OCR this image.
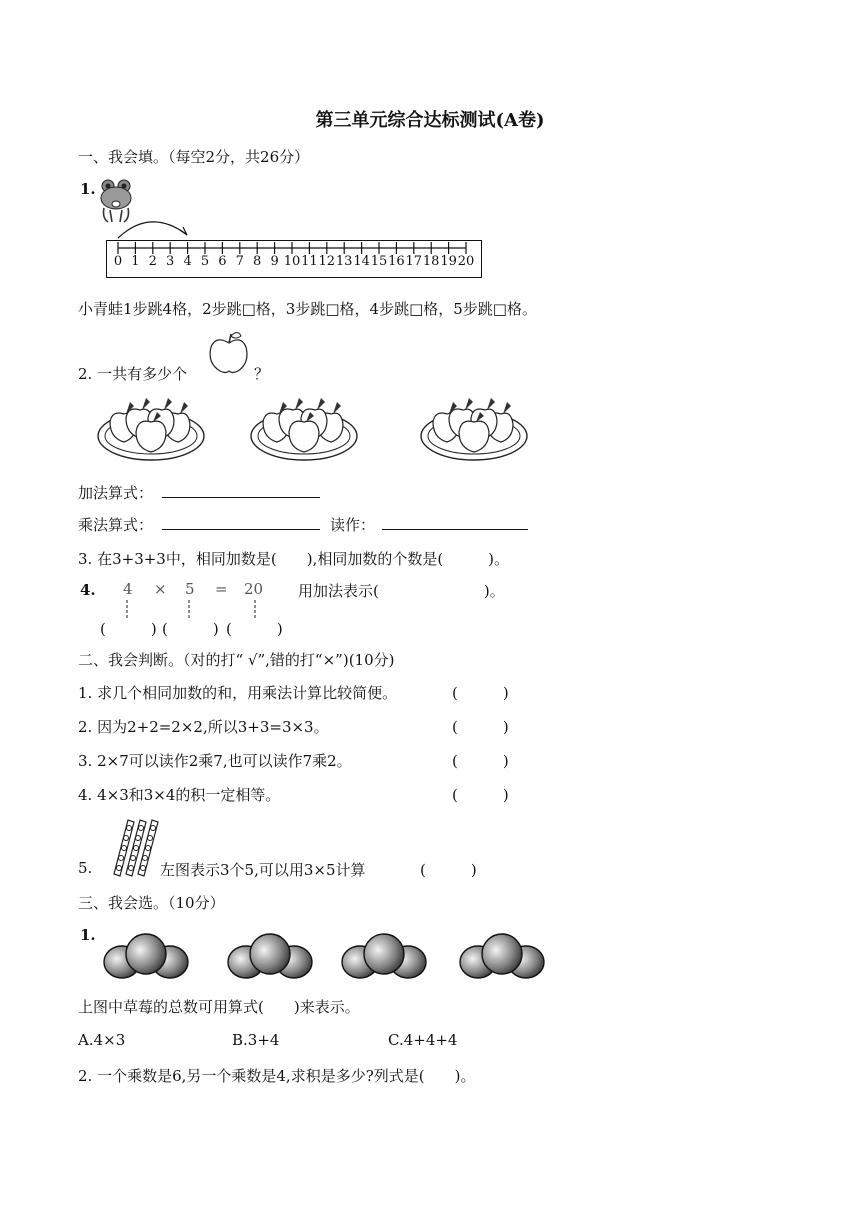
第三单元综合达标测试(A卷)
一、我会填。（每空2分，共26分）
1.
0 1 2 3 4 5 6 7 8 9 10 11 12 13 14 15 16 17 18 19 20
小青蛙1步跳4格，2步跳□格，3步跳□格，4步跳□格，5步跳□格。
2. 一共有多少个	？
加法算式：
乘法算式：	读作：
3. 在3+3+3中，相同加数是(　　),相同加数的个数是(　　　)。
4. 4 × 5 = 20 用加法表示(　　　　　　　)。
(　　　) (　　　) (　　　)
二、我会判断。（对的打“ √”,错的打“×”)(10分)
1. 求几个相同加数的和，用乘法计算比较简便。	(　　　)
2. 因为2+2=2×2,所以3+3=3×3。	(　　　)
3. 2×7可以读作2乘7,也可以读作7乘2。	(　　　)
4. 4×3和3×4的积一定相等。	(　　　)
5.	左图表示3个5,可以用3×5计算	(　　　)
三、我会选。（10分）
1.
上图中草莓的总数可用算式(　　)来表示。
A.4×3	B.3+4	C.4+4+4
2. 一个乘数是6,另一个乘数是4,求积是多少?列式是(　　)。
